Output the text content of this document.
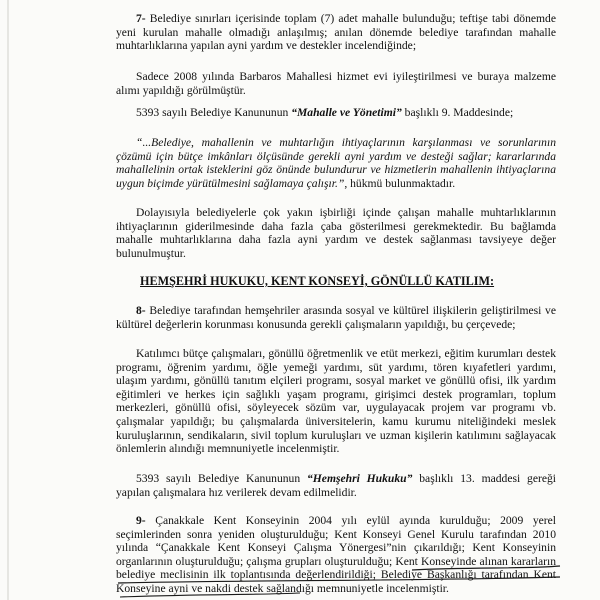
7- Belediye sınırları içerisinde toplam (7) adet mahalle bulunduğu; teftişe tabi dönemde yeni kurulan mahalle olmadığı anlaşılmış; anılan dönemde belediye tarafından mahalle muhtarlıklarına yapılan ayni yardım ve destekler incelendiğinde;
Sadece 2008 yılında Barbaros Mahallesi hizmet evi iyileştirilmesi ve buraya malzeme alımı yapıldığı görülmüştür.
5393 sayılı Belediye Kanununun “Mahalle ve Yönetimi” başlıklı 9. Maddesinde;
“...Belediye, mahallenin ve muhtarlığın ihtiyaçlarının karşılanması ve sorunlarının çözümü için bütçe imkânları ölçüsünde gerekli ayni yardım ve desteği sağlar; kararlarında mahallelinin ortak isteklerini göz önünde bulundurur ve hizmetlerin mahallenin ihtiyaçlarına uygun biçimde yürütülmesini sağlamaya çalışır.”, hükmü bulunmaktadır.
Dolayısıyla belediyelerle çok yakın işbirliği içinde çalışan mahalle muhtarlıklarının ihtiyaçlarının giderilmesinde daha fazla çaba gösterilmesi gerekmektedir. Bu bağlamda mahalle muhtarlıklarına daha fazla ayni yardım ve destek sağlanması tavsiyeye değer bulunulmuştur.
HEMŞEHRİ HUKUKU, KENT KONSEYİ, GÖNÜLLÜ KATILIM:
8- Belediye tarafından hemşehriler arasında sosyal ve kültürel ilişkilerin geliştirilmesi ve kültürel değerlerin korunması konusunda gerekli çalışmaların yapıldığı, bu çerçevede;
Katılımcı bütçe çalışmaları, gönüllü öğretmenlik ve etüt merkezi, eğitim kurumları destek programı, öğrenim yardımı, öğle yemeği yardımı, süt yardımı, tören kıyafetleri yardımı, ulaşım yardımı, gönüllü tanıtım elçileri programı, sosyal market ve gönüllü ofisi, ilk yardım eğitimleri ve herkes için sağlıklı yaşam programı, girişimci destek programları, toplum merkezleri, gönüllü ofisi, söyleyecek sözüm var, uygulayacak projem var programı vb. çalışmalar yapıldığı; bu çalışmalarda üniversitelerin, kamu kurumu niteliğindeki meslek kuruluşlarının, sendikaların, sivil toplum kuruluşları ve uzman kişilerin katılımını sağlayacak önlemlerin alındığı memnuniyetle incelenmiştir.
5393 sayılı Belediye Kanununun “Hemşehri Hukuku” başlıklı 13. maddesi gereği yapılan çalışmalara hız verilerek devam edilmelidir.
9- Çanakkale Kent Konseyinin 2004 yılı eylül ayında kurulduğu; 2009 yerel seçimlerinden sonra yeniden oluşturulduğu; Kent Konseyi Genel Kurulu tarafından 2010 yılında “Çanakkale Kent Konseyi Çalışma Yönergesi”nin çıkarıldığı; Kent Konseyinin organlarının oluşturulduğu; çalışma grupları oluşturulduğu; Kent Konseyinde alınan kararların belediye meclisinin ilk toplantısında değerlendirildiği; Belediye Başkanlığı tarafından Kent Konseyine ayni ve nakdi destek sağlandığı memnuniyetle incelenmiştir.
